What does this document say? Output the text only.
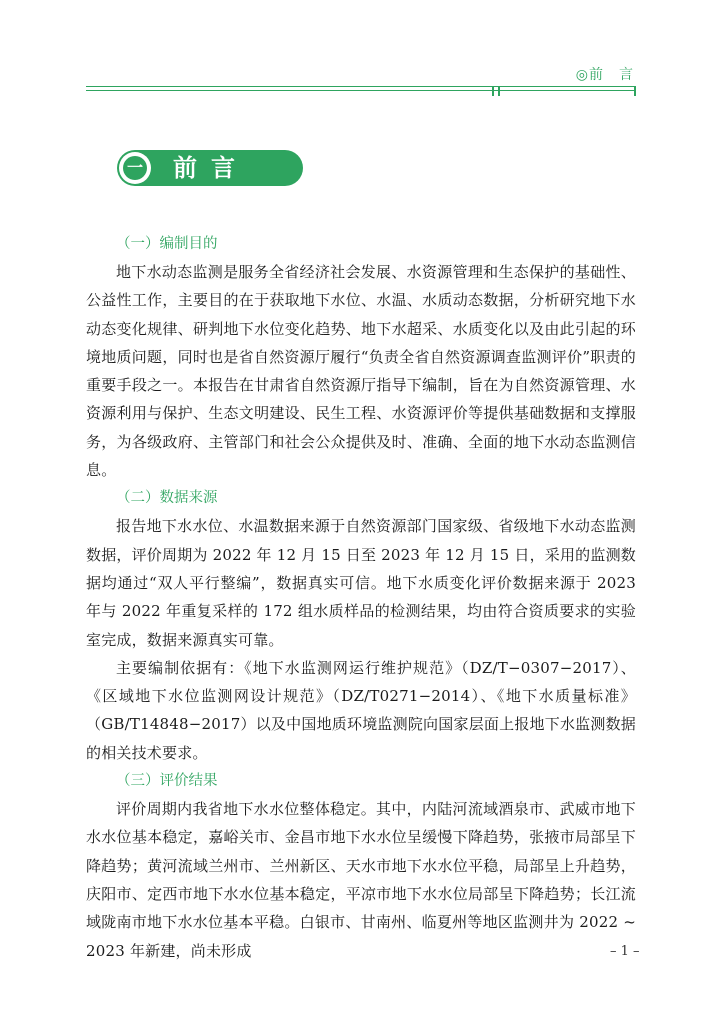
◎前　言
一 前言
（一）编制目的

地下水动态监测是服务全省经济社会发展、水资源管理和生态保护的基础性、公益性工作，主要目的在于获取地下水位、水温、水质动态数据，分析研究地下水动态变化规律、研判地下水位变化趋势、地下水超采、水质变化以及由此引起的环境地质问题，同时也是省自然资源厅履行“负责全省自然资源调查监测评价”职责的重要手段之一。本报告在甘肃省自然资源厅指导下编制，旨在为自然资源管理、水资源利用与保护、生态文明建设、民生工程、水资源评价等提供基础数据和支撑服务，为各级政府、主管部门和社会公众提供及时、准确、全面的地下水动态监测信息。

（二）数据来源

报告地下水水位、水温数据来源于自然资源部门国家级、省级地下水动态监测数据，评价周期为 2022 年 12 月 15 日至 2023 年 12 月 15 日，采用的监测数据均通过“双人平行整编”，数据真实可信。地下水质变化评价数据来源于 2023 年与 2022 年重复采样的 172 组水质样品的检测结果，均由符合资质要求的实验室完成，数据来源真实可靠。

主要编制依据有：《地下水监测网运行维护规范》（DZ/T−0307−2017）、《区域地下水位监测网设计规范》（DZ/T0271−2014）、《地下水质量标准》（GB/T14848−2017）以及中国地质环境监测院向国家层面上报地下水监测数据的相关技术要求。

（三）评价结果

评价周期内我省地下水水位整体稳定。其中，内陆河流域酒泉市、武威市地下水水位基本稳定，嘉峪关市、金昌市地下水水位呈缓慢下降趋势，张掖市局部呈下降趋势；黄河流域兰州市、兰州新区、天水市地下水水位平稳，局部呈上升趋势，庆阳市、定西市地下水水位基本稳定，平凉市地下水水位局部呈下降趋势；长江流域陇南市地下水水位基本平稳。白银市、甘南州、临夏州等地区监测井为 2022 ~ 2023 年新建，尚未形成	– 1 –
